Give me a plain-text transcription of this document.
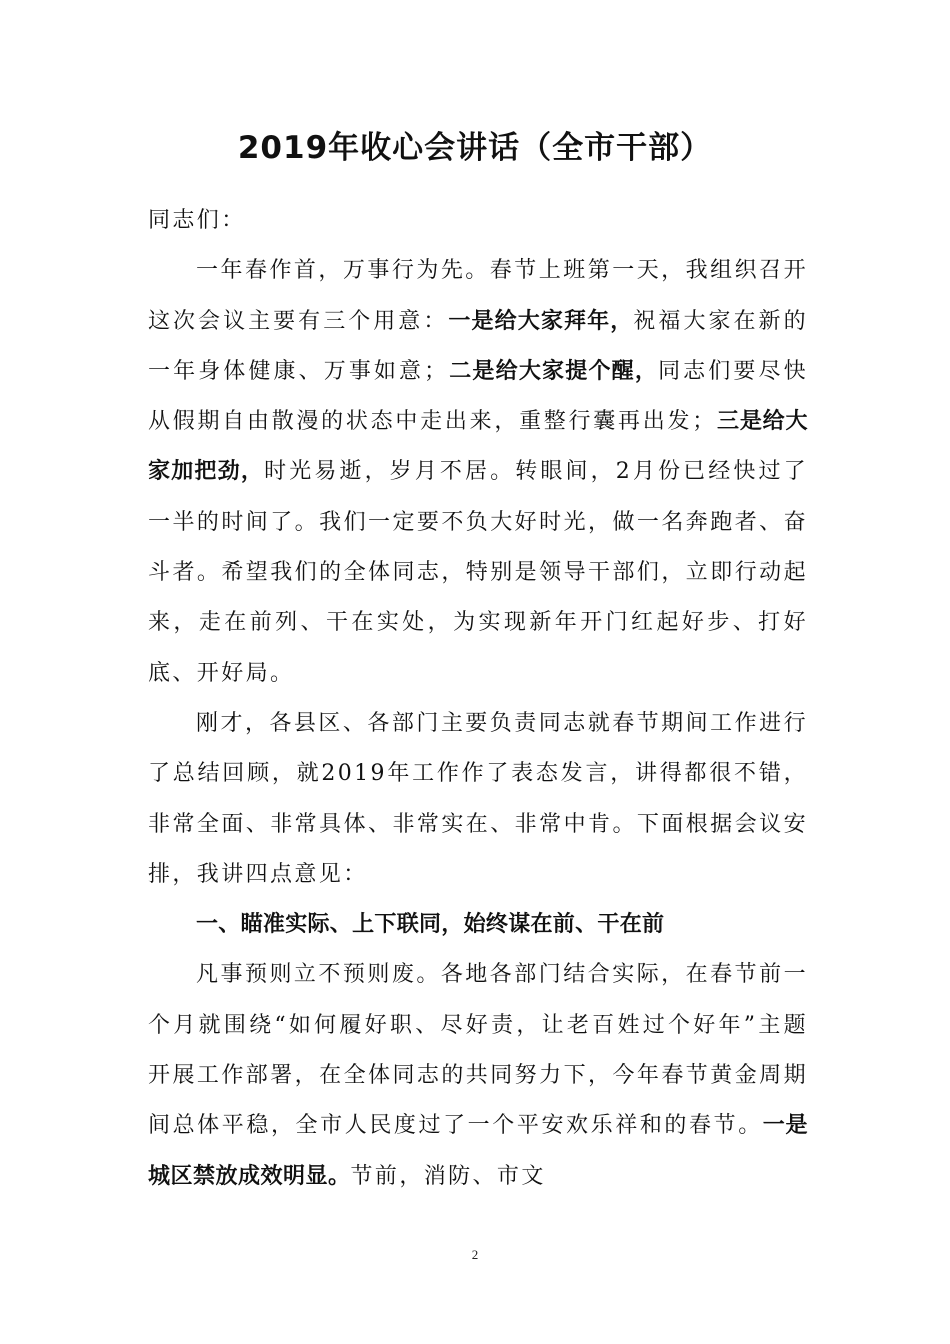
2019年收心会讲话（全市干部）

同志们：

一年春作首，万事行为先。春节上班第一天，我组织召开这次会议主要有三个用意：一是给大家拜年，祝福大家在新的一年身体健康、万事如意；二是给大家提个醒，同志们要尽快从假期自由散漫的状态中走出来，重整行囊再出发；三是给大家加把劲，时光易逝，岁月不居。转眼间，2月份已经快过了一半的时间了。我们一定要不负大好时光，做一名奔跑者、奋斗者。希望我们的全体同志，特别是领导干部们，立即行动起来，走在前列、干在实处，为实现新年开门红起好步、打好底、开好局。

刚才，各县区、各部门主要负责同志就春节期间工作进行了总结回顾，就2019年工作作了表态发言，讲得都很不错，非常全面、非常具体、非常实在、非常中肯。下面根据会议安排，我讲四点意见：

一、瞄准实际、上下联同，始终谋在前、干在前

凡事预则立不预则废。各地各部门结合实际，在春节前一个月就围绕“如何履好职、尽好责，让老百姓过个好年”主题开展工作部署，在全体同志的共同努力下，今年春节黄金周期间总体平稳，全市人民度过了一个平安欢乐祥和的春节。一是城区禁放成效明显。节前，消防、市文

2
